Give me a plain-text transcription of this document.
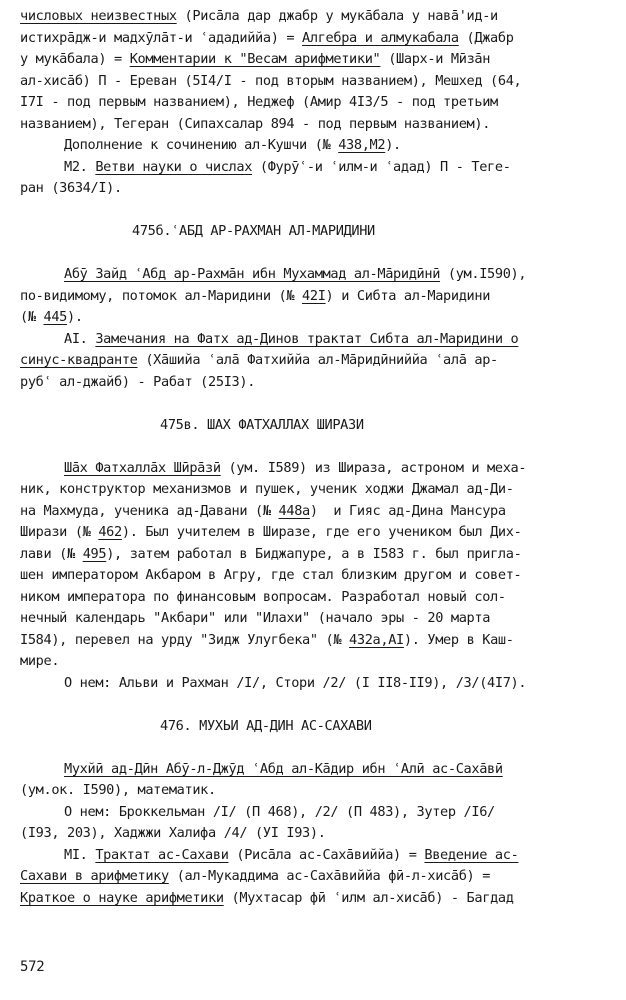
числовых неизвестных (Рисāла дар джабр у мукāбала у навā'ид-и
истихрāдж-и мадхӯлāт-и ʿададиййа) = Алгебра и алмукабала (Джабр
у мукāбала) = Комментарии к "Весам арифметики" (Шарх-и Мӣзāн
ал-хисāб) П - Ереван (5I4/I - под вторым названием), Мешхед (64,
I7I - под первым названием), Неджеф (Амир 4I3/5 - под третьим
названием), Тегеран (Сипахсалар 894 - под первым названием).
Дополнение к сочинению ал-Кушчи (№ 438,М2).
М2. Ветви науки о числах (Фурӯʿ-и ʿилм-и ʿадад) П - Теге-
ран (3634/I).
475б.ʿАБД АР-РАХМАН АЛ-МАРИДИНИ
Абӯ Зайд ʿАбд ар-Рахмāн ибн Мухаммад ал-Мāридӣнӣ (ум.I590),
по-видимому, потомок ал-Маридини (№ 42I) и Сибта ал-Маридини
(№ 445).
AI. Замечания на Фатх ад-Динов трактат Сибта ал-Маридини о
синус-квадранте (Хāшийа ʿалā Фатхиййа ал-Мāридӣниййа ʿалā ар-
рубʿ ал-джайб) - Рабат (25I3).
475в. ШАХ ФАТХАЛЛАХ ШИРАЗИ
Шāх Фатхаллāх Шӣрāзӣ (ум. I589) из Шираза, астроном и меха-
ник, конструктор механизмов и пушек, ученик ходжи Джамал ад-Ди-
на Махмуда, ученика ад-Давани (№ 448а)  и Гияс ад-Дина Мансура
Ширази (№ 462). Был учителем в Ширазе, где его учеником был Дих-
лави (№ 495), затем работал в Биджапуре, а в I583 г. был пригла-
шен императором Акбаром в Агру, где стал близким другом и совет-
ником императора по финансовым вопросам. Разработал новый сол-
нечный календарь "Акбари" или "Илахи" (начало эры - 20 марта
I584), перевел на урду "Зидж Улугбека" (№ 432а,AI). Умер в Каш-
мире.
О нем: Альви и Рахман /I/, Стори /2/ (I II8-II9), /3/(4I7).
476. МУХЬИ АД-ДИН АС-САХАВИ
Мухйӣ ад-Дӣн Абӯ-л-Джӯд ʿАбд ал-Кāдир ибн ʿАлӣ ас-Сахāвӣ
(ум.ок. I590), математик.
О нем: Броккельман /I/ (П 468), /2/ (П 483), Зутер /I6/
(I93, 203), Хаджжи Халифа /4/ (УI I93).
МI. Трактат ас-Сахави (Рисāла ас-Сахāвиййа) = Введение ас-
Сахави в арифметику (ал-Мукаддима ас-Сахāвиййа фӣ-л-хисāб) =
Краткое о науке арифметики (Мухтасар фӣ ʿилм ал-хисāб) - Багдад
572
